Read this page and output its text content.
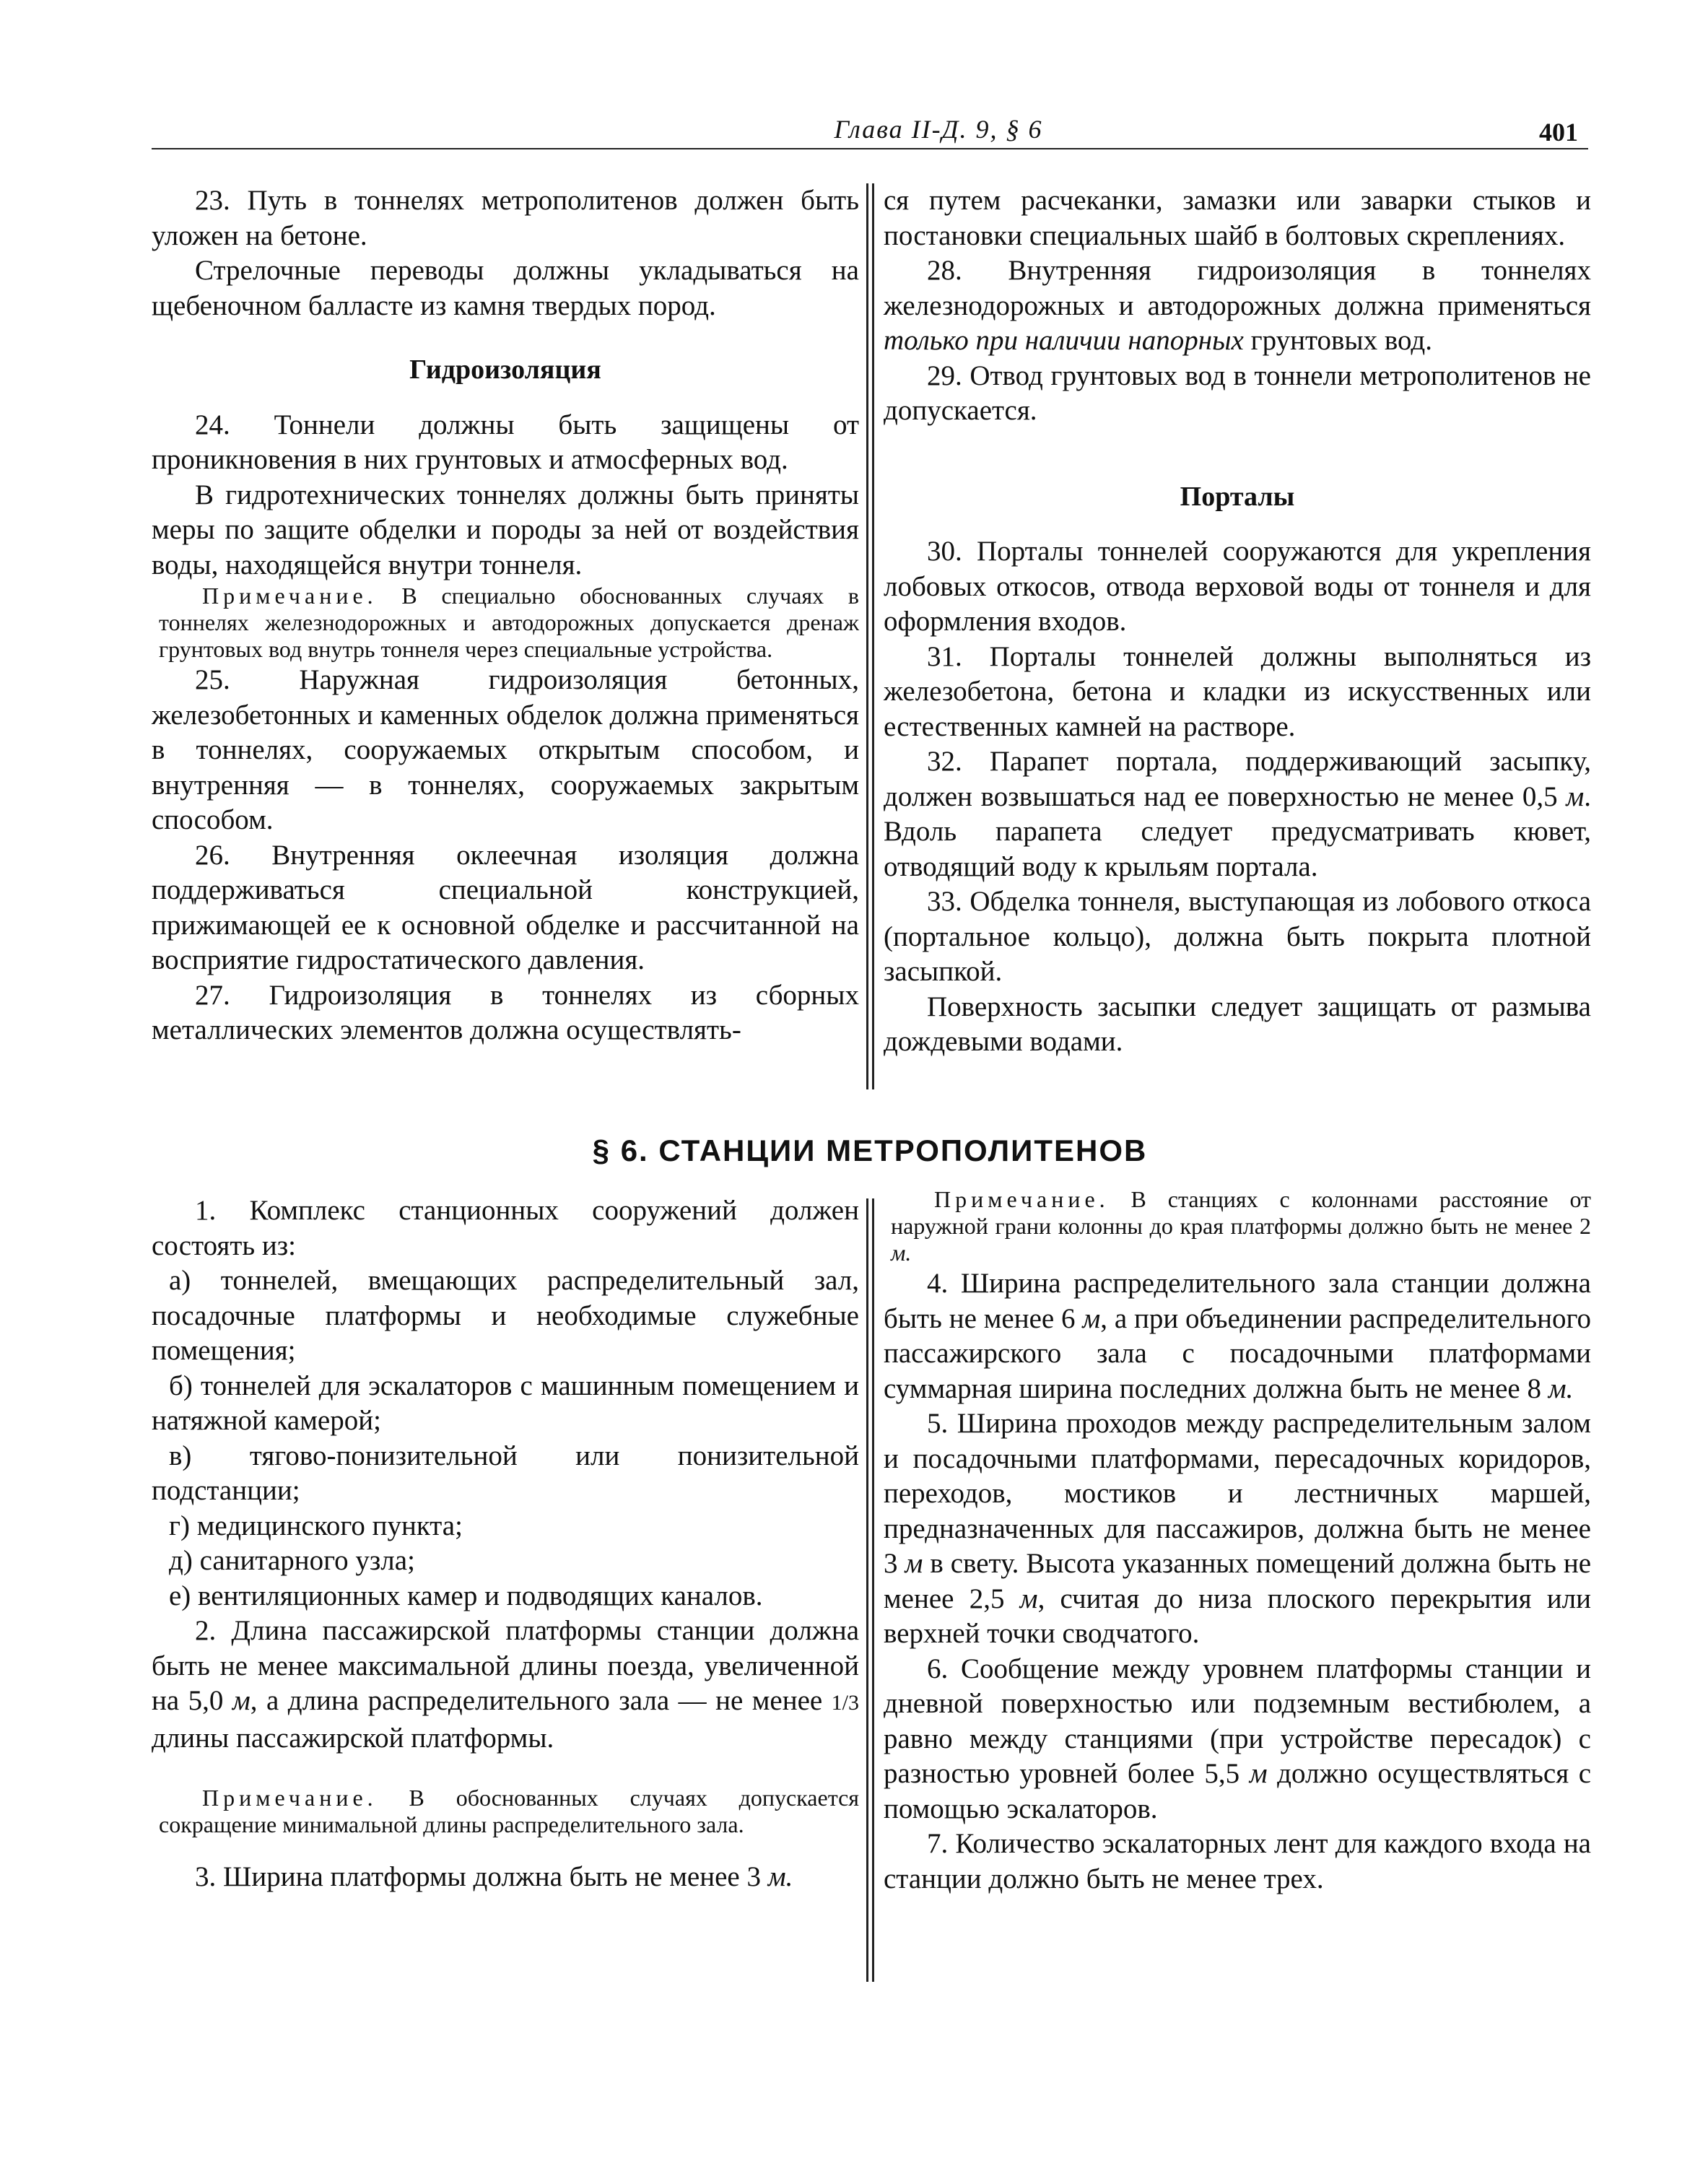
Глава II-Д. 9, § 6	401

23. Путь в тоннелях метрополитенов должен быть уложен на бетоне.

Стрелочные переводы должны укладываться на щебеночном балласте из камня твердых пород.

Гидроизоляция

24. Тоннели должны быть защищены от проникновения в них грунтовых и атмосферных вод.

В гидротехнических тоннелях должны быть приняты меры по защите обделки и породы за ней от воздействия воды, находящейся внутри тоннеля.

Примечание. В специально обоснованных случаях в тоннелях железнодорожных и автодорожных допускается дренаж грунтовых вод внутрь тоннеля через специальные устройства.

25. Наружная гидроизоляция бетонных, железобетонных и каменных обделок должна применяться в тоннелях, сооружаемых открытым способом, и внутренняя — в тоннелях, сооружаемых закрытым способом.

26. Внутренняя оклеечная изоляция должна поддерживаться специальной конструкцией, прижимающей ее к основной обделке и рассчитанной на восприятие гидростатического давления.

27. Гидроизоляция в тоннелях из сборных металлических элементов должна осуществлять-

ся путем расчеканки, замазки или заварки стыков и постановки специальных шайб в болтовых скреплениях.

28. Внутренняя гидроизоляция в тоннелях железнодорожных и автодорожных должна применяться только при наличии напорных грунтовых вод.

29. Отвод грунтовых вод в тоннели метрополитенов не допускается.

Порталы

30. Порталы тоннелей сооружаются для укрепления лобовых откосов, отвода верховой воды от тоннеля и для оформления входов.

31. Порталы тоннелей должны выполняться из железобетона, бетона и кладки из искусственных или естественных камней на растворе.

32. Парапет портала, поддерживающий засыпку, должен возвышаться над ее поверхностью не менее 0,5 м. Вдоль парапета следует предусматривать кювет, отводящий воду к крыльям портала.

33. Обделка тоннеля, выступающая из лобового откоса (портальное кольцо), должна быть покрыта плотной засыпкой.

Поверхность засыпки следует защищать от размыва дождевыми водами.

§ 6. СТАНЦИИ МЕТРОПОЛИТЕНОВ

1. Комплекс станционных сооружений должен состоять из:

а) тоннелей, вмещающих распределительный зал, посадочные платформы и необходимые служебные помещения;

б) тоннелей для эскалаторов с машинным помещением и натяжной камерой;

в) тягово-понизительной или понизительной подстанции;

г) медицинского пункта;

д) санитарного узла;

е) вентиляционных камер и подводящих каналов.

2. Длина пассажирской платформы станции должна быть не менее максимальной длины поезда, увеличенной на 5,0 м, а длина распределительного зала — не менее 1/3 длины пассажирской платформы.

Примечание. В обоснованных случаях допускается сокращение минимальной длины распределительного зала.

3. Ширина платформы должна быть не менее 3 м.

Примечание. В станциях с колоннами расстояние от наружной грани колонны до края платформы должно быть не менее 2 м.

4. Ширина распределительного зала станции должна быть не менее 6 м, а при объединении распределительного пассажирского зала с посадочными платформами суммарная ширина последних должна быть не менее 8 м.

5. Ширина проходов между распределительным залом и посадочными платформами, пересадочных коридоров, переходов, мостиков и лестничных маршей, предназначенных для пассажиров, должна быть не менее 3 м в свету. Высота указанных помещений должна быть не менее 2,5 м, считая до низа плоского перекрытия или верхней точки сводчатого.

6. Сообщение между уровнем платформы станции и дневной поверхностью или подземным вестибюлем, а равно между станциями (при устройстве пересадок) с разностью уровней более 5,5 м должно осуществляться с помощью эскалаторов.

7. Количество эскалаторных лент для каждого входа на станции должно быть не менее трех.
